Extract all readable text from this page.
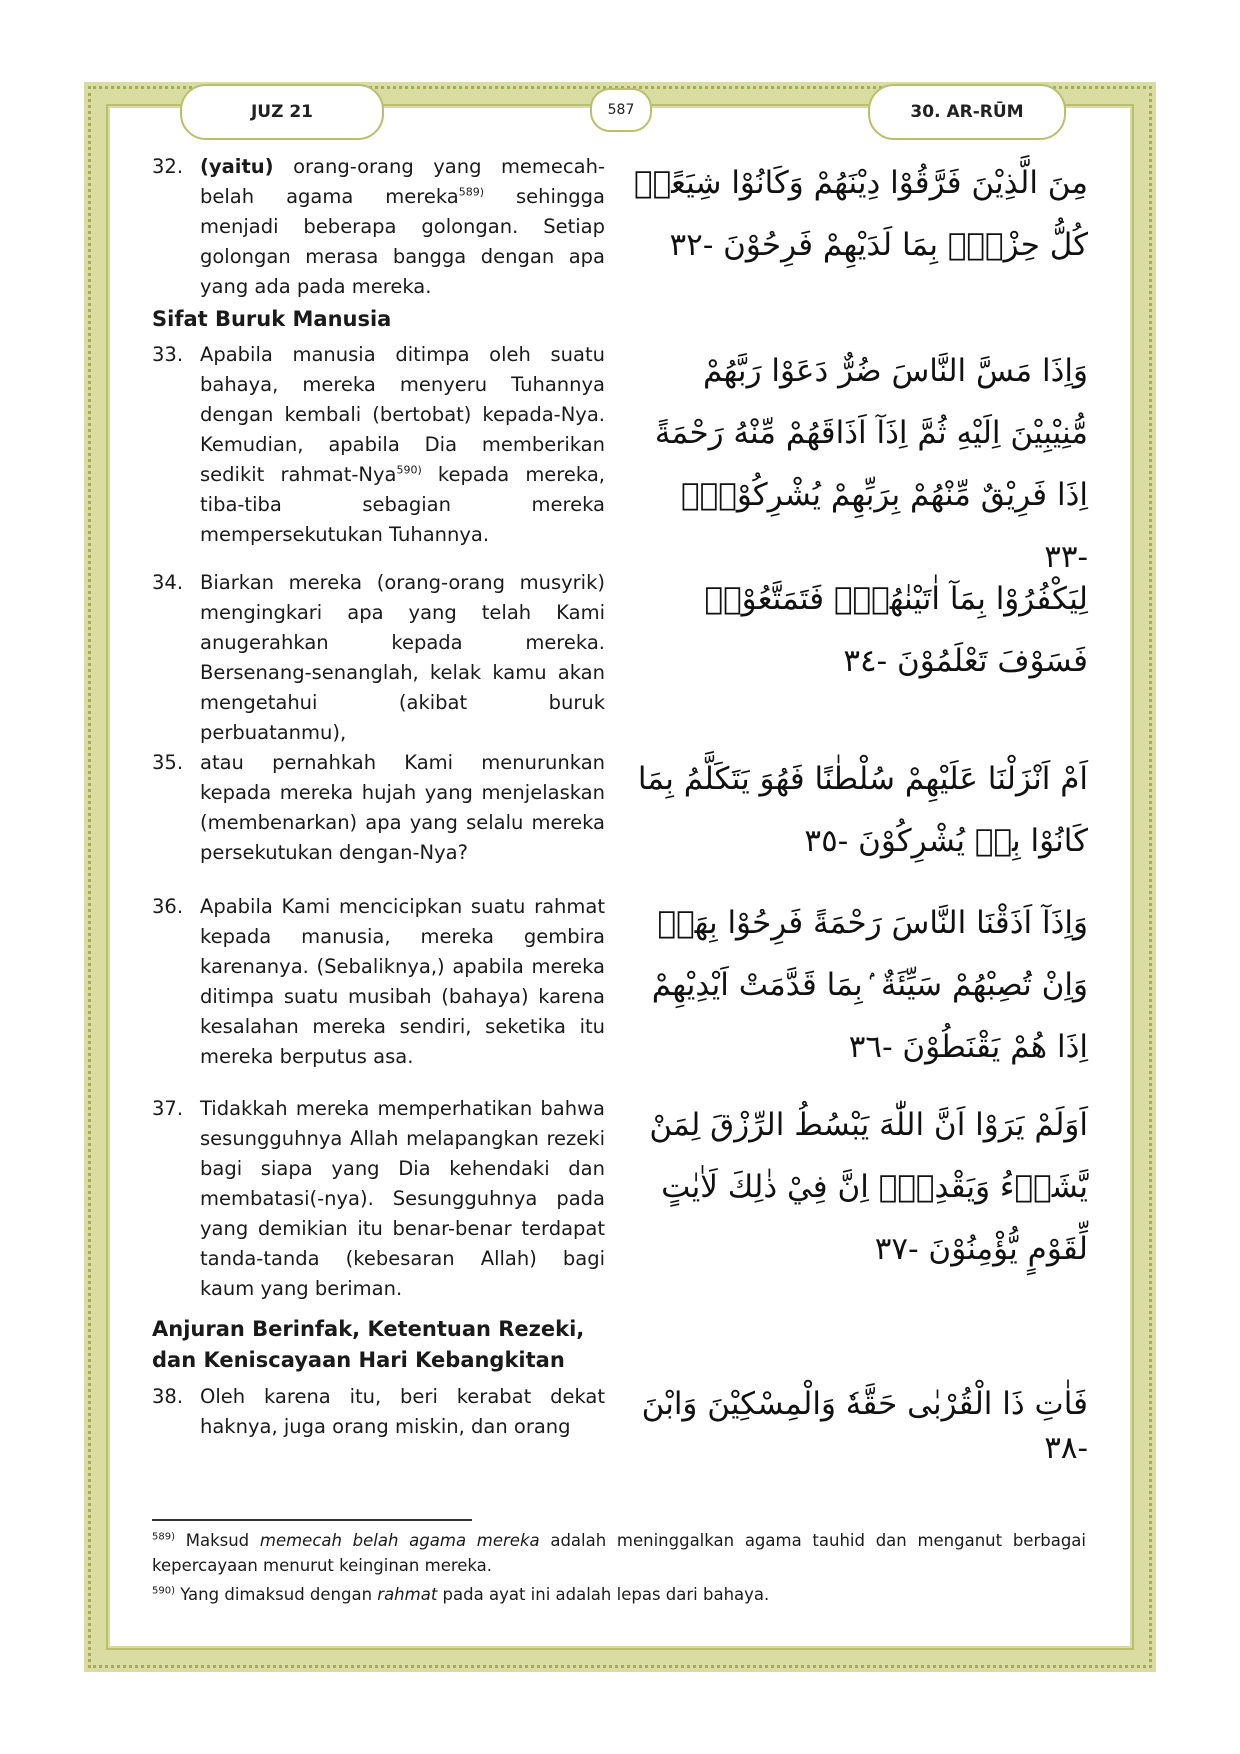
JUZ 21	587	30. AR-RŪM
32. (yaitu) orang-orang yang memecah-belah agama mereka$^{589)}$ sehingga menjadi beberapa golongan. Setiap golongan merasa bangga dengan apa yang ada pada mereka.
مِنَ الَّذِيْنَ فَرَّقُوْا دِيْنَهُمْ وَكَانُوْا شِيَعًاۗ كُلُّ حِزْبٍۢ بِمَا لَدَيْهِمْ فَرِحُوْنَ -٣٢

Sifat Buruk Manusia

33. Apabila manusia ditimpa oleh suatu bahaya, mereka menyeru Tuhannya dengan kembali (bertobat) kepada-Nya. Kemudian, apabila Dia memberikan sedikit rahmat-Nya$^{590)}$ kepada mereka, tiba-tiba sebagian mereka mempersekutukan Tuhannya.
وَاِذَا مَسَّ النَّاسَ ضُرٌّ دَعَوْا رَبَّهُمْ مُّنِيْبِيْنَ اِلَيْهِ ثُمَّ اِذَآ اَذَاقَهُمْ مِّنْهُ رَحْمَةً اِذَا فَرِيْقٌ مِّنْهُمْ بِرَبِّهِمْ يُشْرِكُوْنَۙ -٣٣
34. Biarkan mereka (orang-orang musyrik) mengingkari apa yang telah Kami anugerahkan kepada mereka. Bersenang-senanglah, kelak kamu akan mengetahui (akibat buruk perbuatanmu),
لِيَكْفُرُوْا بِمَآ اٰتَيْنٰهُمْۗ فَتَمَتَّعُوْاۗ فَسَوْفَ تَعْلَمُوْنَ -٣٤
35. atau pernahkah Kami menurunkan kepada mereka hujah yang menjelaskan (membenarkan) apa yang selalu mereka persekutukan dengan-Nya?
اَمْ اَنْزَلْنَا عَلَيْهِمْ سُلْطٰنًا فَهُوَ يَتَكَلَّمُ بِمَا كَانُوْا بِهٖ يُشْرِكُوْنَ -٣٥
36. Apabila Kami mencicipkan suatu rahmat kepada manusia, mereka gembira karenanya. (Sebaliknya,) apabila mereka ditimpa suatu musibah (bahaya) karena kesalahan mereka sendiri, seketika itu mereka berputus asa.
وَاِذَآ اَذَقْنَا النَّاسَ رَحْمَةً فَرِحُوْا بِهَاۗ وَاِنْ تُصِبْهُمْ سَيِّئَةٌ ۢبِمَا قَدَّمَتْ اَيْدِيْهِمْ اِذَا هُمْ يَقْنَطُوْنَ -٣٦
37. Tidakkah mereka memperhatikan bahwa sesungguhnya Allah melapangkan rezeki bagi siapa yang Dia kehendaki dan membatasi(-nya). Sesungguhnya pada yang demikian itu benar-benar terdapat tanda-tanda (kebesaran Allah) bagi kaum yang beriman.
اَوَلَمْ يَرَوْا اَنَّ اللّٰهَ يَبْسُطُ الرِّزْقَ لِمَنْ يَّشَاۤءُ وَيَقْدِرُۗ اِنَّ فِيْ ذٰلِكَ لَاٰيٰتٍ لِّقَوْمٍ يُّؤْمِنُوْنَ -٣٧

Anjuran Berinfak, Ketentuan Rezeki, dan Keniscayaan Hari Kebangkitan

38. Oleh karena itu, beri kerabat dekat haknya, juga orang miskin, dan orang
فَاٰتِ ذَا الْقُرْبٰى حَقَّهٗ وَالْمِسْكِيْنَ وَابْنَ -٣٨
$^{589)}$ Maksud memecah belah agama mereka adalah meninggalkan agama tauhid dan menganut berbagai kepercayaan menurut keinginan mereka.
$^{590)}$ Yang dimaksud dengan rahmat pada ayat ini adalah lepas dari bahaya.
